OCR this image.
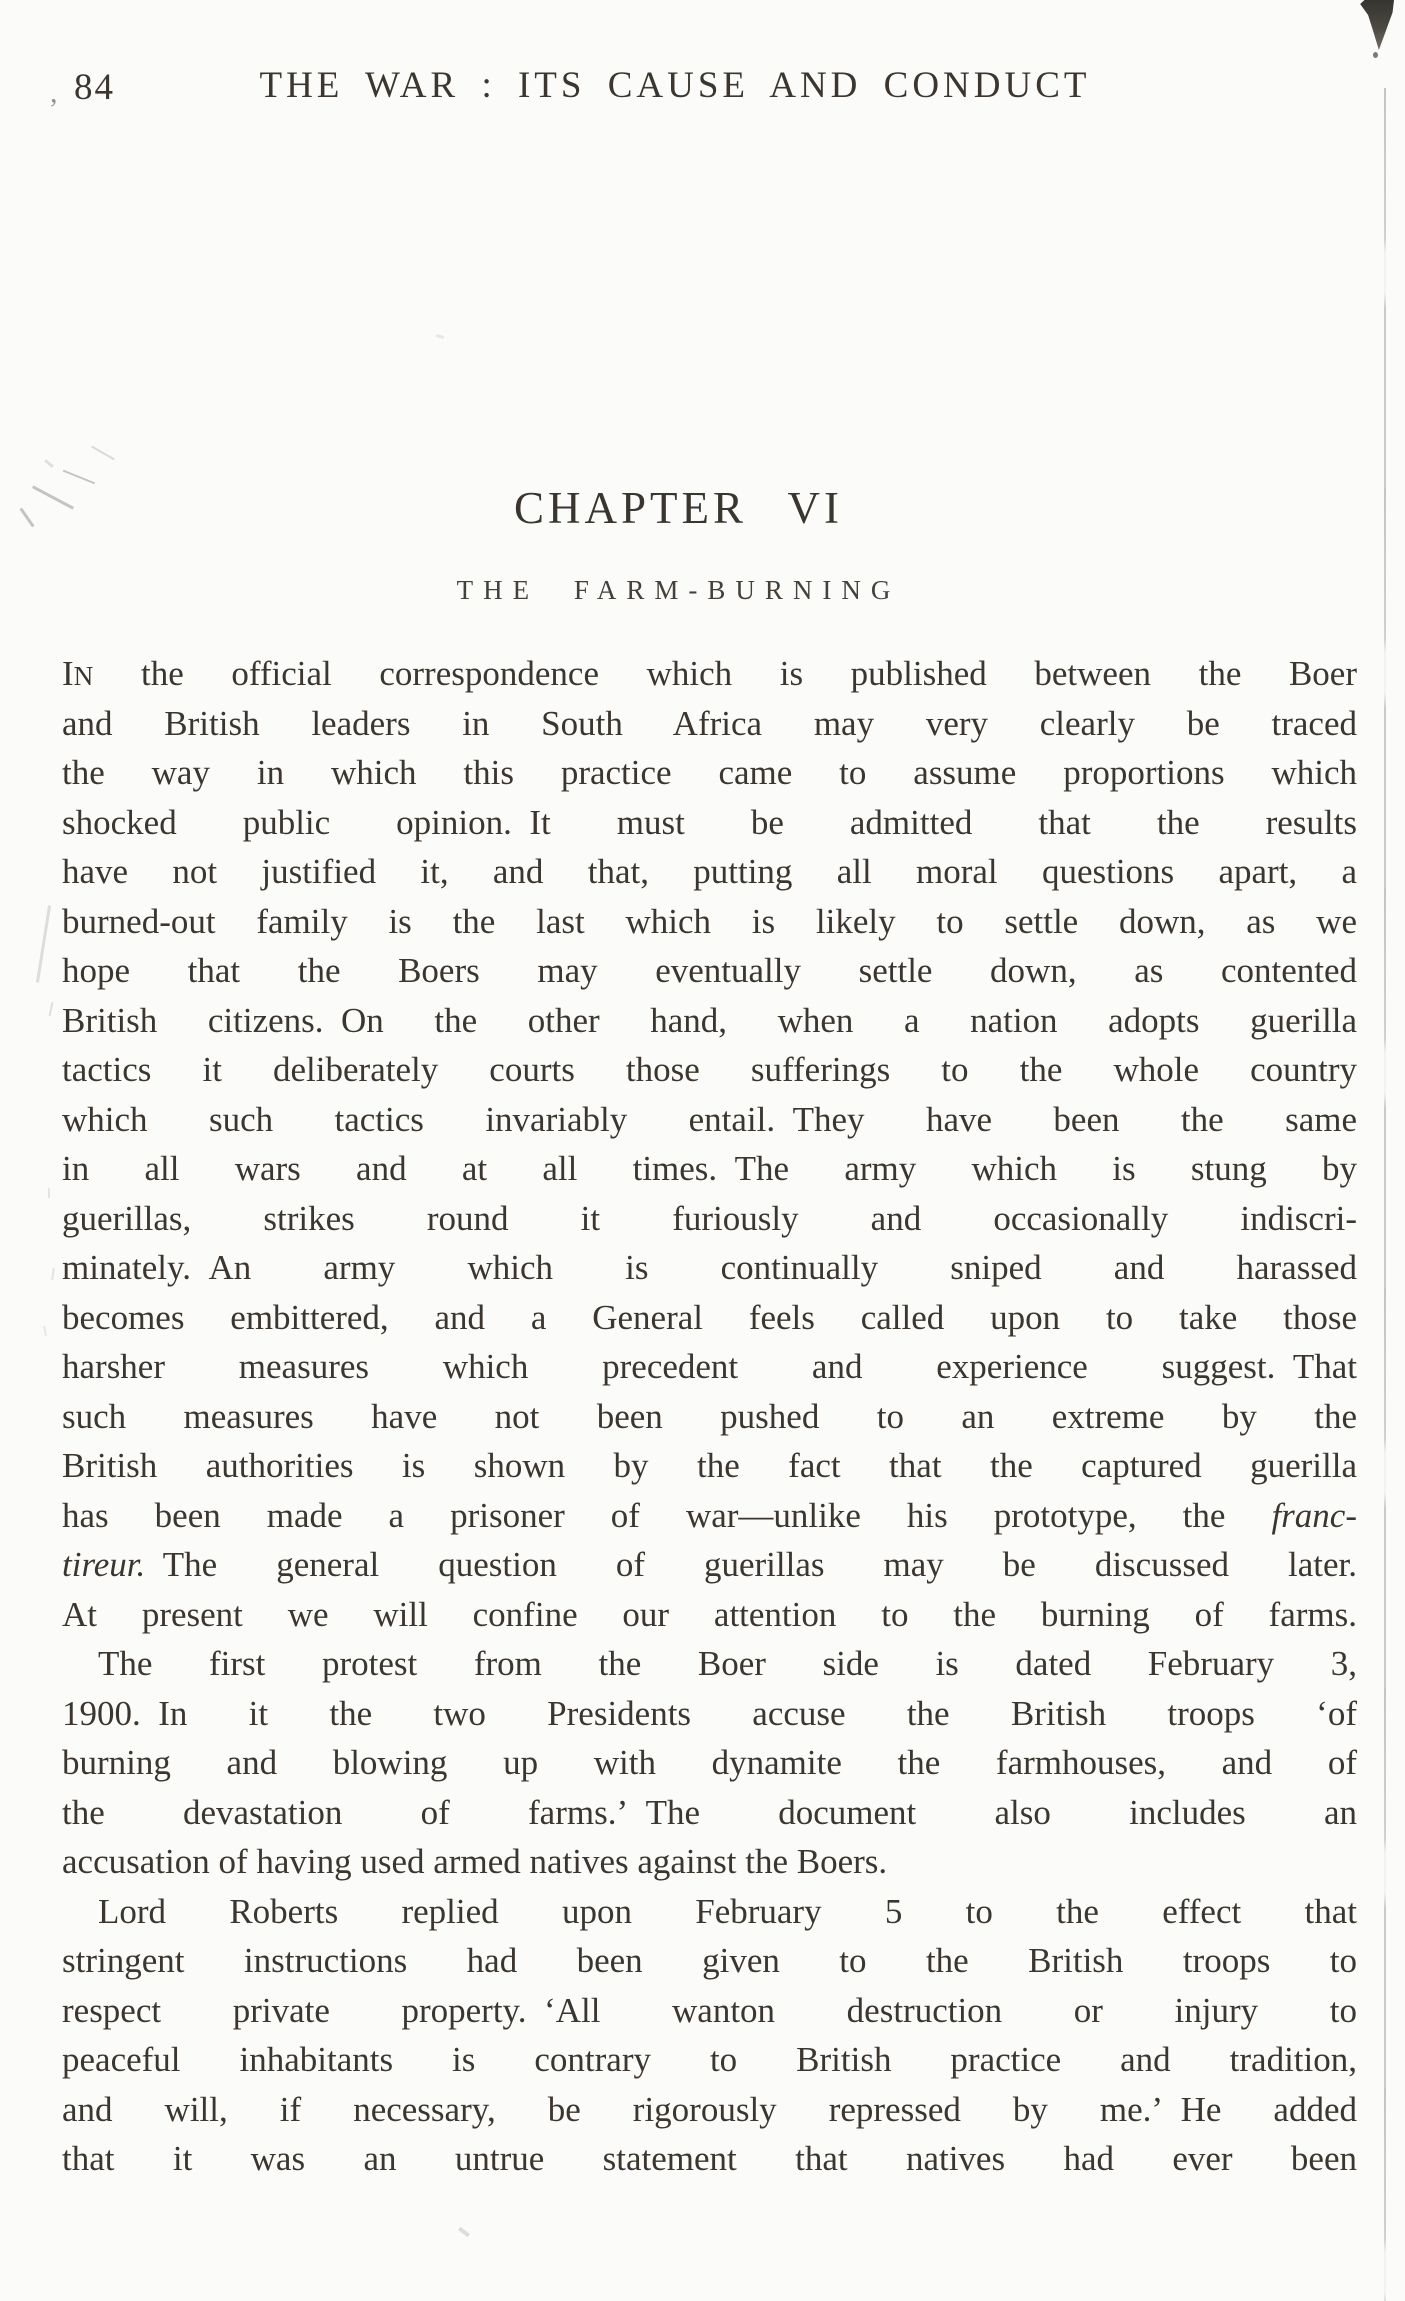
, 84	THE WAR : ITS CAUSE AND CONDUCT
CHAPTER VI
THE FARM-BURNING
IN the official correspondence which is published between the Boer
and British leaders in South Africa may very clearly be traced
the way in which this practice came to assume proportions which
shocked public opinion. It must be admitted that the results
have not justified it, and that, putting all moral questions apart, a
burned-out family is the last which is likely to settle down, as we
hope that the Boers may eventually settle down, as contented
British citizens. On the other hand, when a nation adopts guerilla
tactics it deliberately courts those sufferings to the whole country
which such tactics invariably entail. They have been the same
in all wars and at all times. The army which is stung by
guerillas, strikes round it furiously and occasionally indiscri-
minately. An army which is continually sniped and harassed
becomes embittered, and a General feels called upon to take those
harsher measures which precedent and experience suggest. That
such measures have not been pushed to an extreme by the
British authorities is shown by the fact that the captured guerilla
has been made a prisoner of war—unlike his prototype, the franc-
tireur. The general question of guerillas may be discussed later.
At present we will confine our attention to the burning of farms.
The first protest from the Boer side is dated February 3,
1900. In it the two Presidents accuse the British troops ‘of
burning and blowing up with dynamite the farmhouses, and of
the devastation of farms.’ The document also includes an
accusation of having used armed natives against the Boers.
Lord Roberts replied upon February 5 to the effect that
stringent instructions had been given to the British troops to
respect private property. ‘All wanton destruction or injury to
peaceful inhabitants is contrary to British practice and tradition,
and will, if necessary, be rigorously repressed by me.’ He added
that it was an untrue statement that natives had ever been
